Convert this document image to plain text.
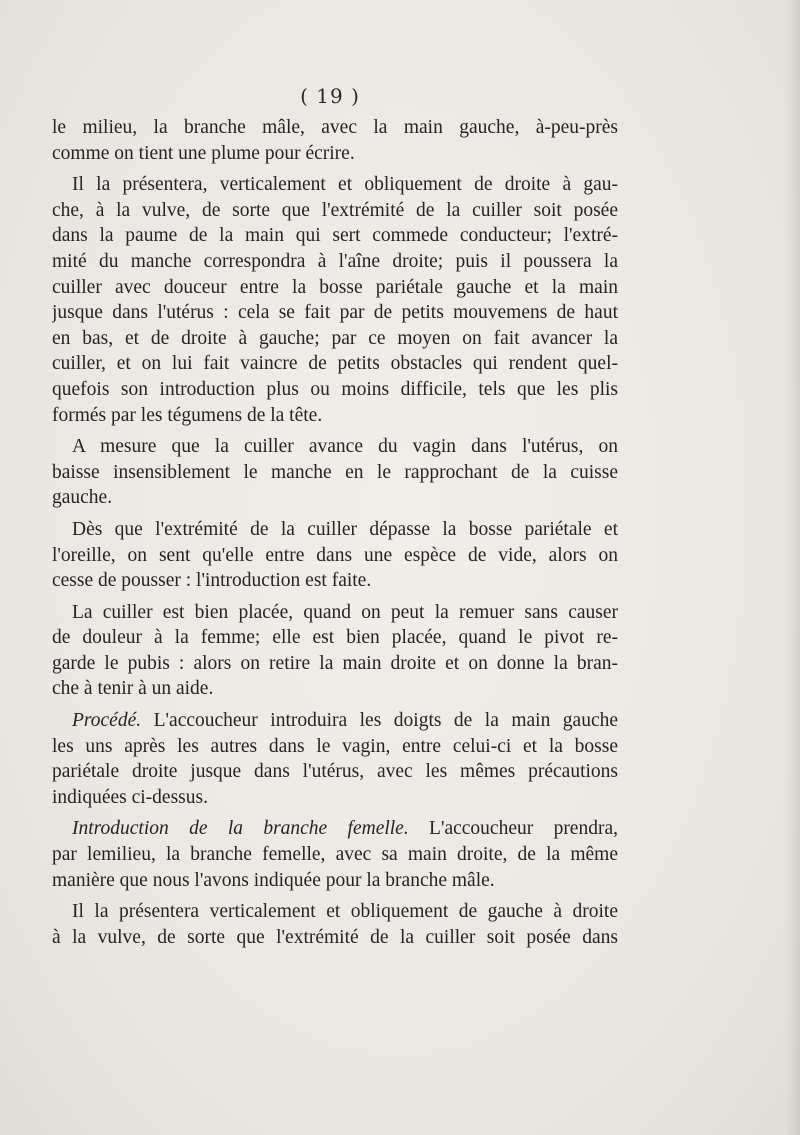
( 19 )
le milieu, la branche mâle, avec la main gauche, à-peu-près
comme on tient une plume pour écrire.
Il la présentera, verticalement et obliquement de droite à gau-
che, à la vulve, de sorte que l'extrémité de la cuiller soit posée
dans la paume de la main qui sert commede conducteur; l'extré-
mité du manche correspondra à l'aîne droite; puis il poussera la
cuiller avec douceur entre la bosse pariétale gauche et la main
jusque dans l'utérus : cela se fait par de petits mouvemens de haut
en bas, et de droite à gauche; par ce moyen on fait avancer la
cuiller, et on lui fait vaincre de petits obstacles qui rendent quel-
quefois son introduction plus ou moins difficile, tels que les plis
formés par les tégumens de la tête.
A mesure que la cuiller avance du vagin dans l'utérus, on
baisse insensiblement le manche en le rapprochant de la cuisse
gauche.
Dès que l'extrémité de la cuiller dépasse la bosse pariétale et
l'oreille, on sent qu'elle entre dans une espèce de vide, alors on
cesse de pousser : l'introduction est faite.
La cuiller est bien placée, quand on peut la remuer sans causer
de douleur à la femme; elle est bien placée, quand le pivot re-
garde le pubis : alors on retire la main droite et on donne la bran-
che à tenir à un aide.
Procédé. L'accoucheur introduira les doigts de la main gauche
les uns après les autres dans le vagin, entre celui-ci et la bosse
pariétale droite jusque dans l'utérus, avec les mêmes précautions
indiquées ci-dessus.
Introduction de la branche femelle. L'accoucheur prendra,
par lemilieu, la branche femelle, avec sa main droite, de la même
manière que nous l'avons indiquée pour la branche mâle.
Il la présentera verticalement et obliquement de gauche à droite
à la vulve, de sorte que l'extrémité de la cuiller soit posée dans
